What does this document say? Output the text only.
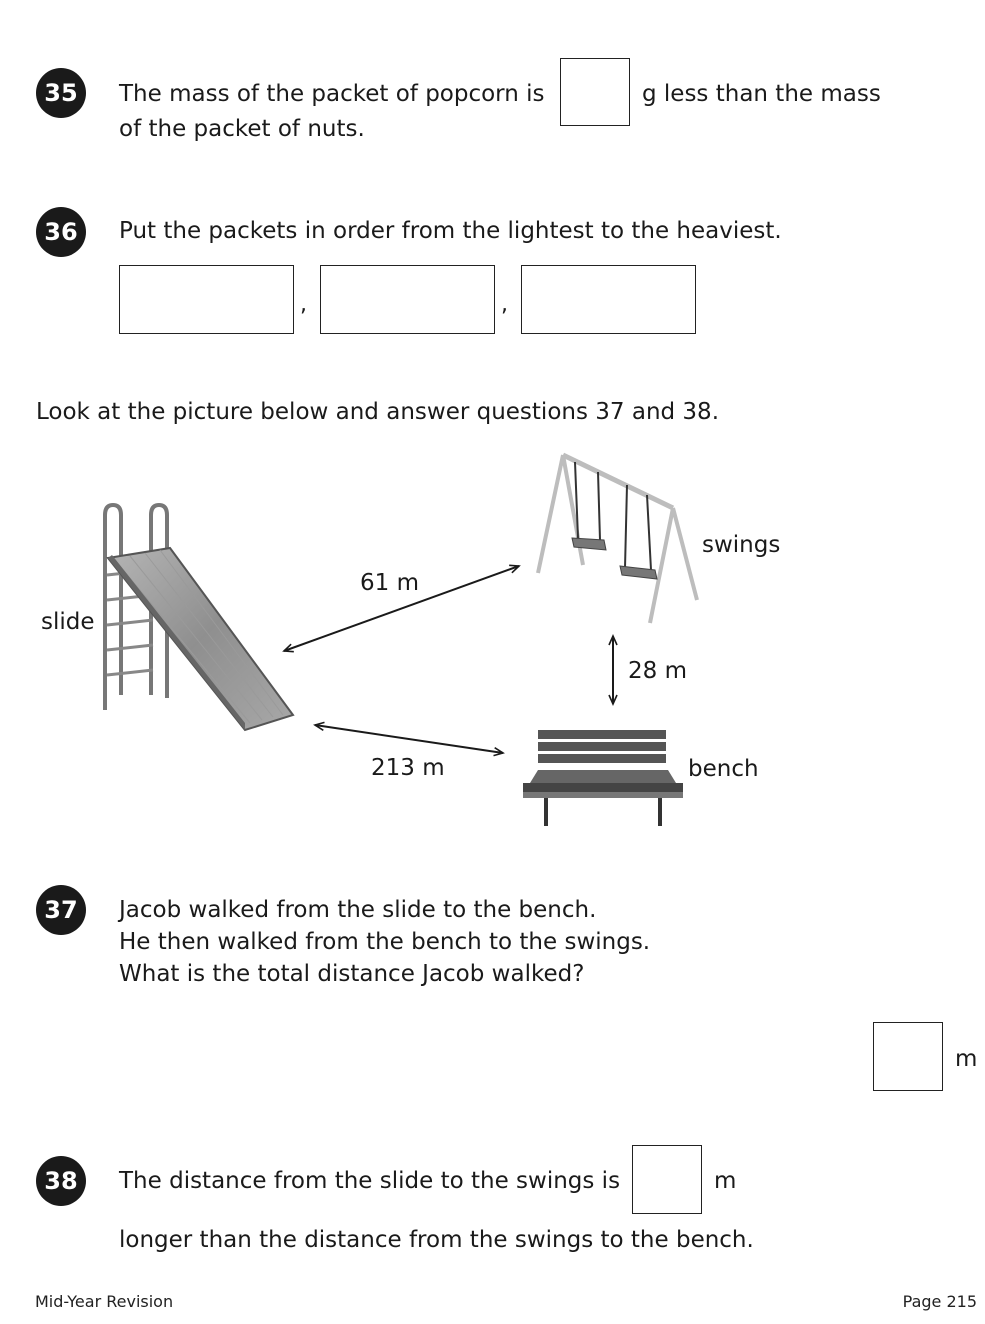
35	The mass of the packet of popcorn is	g less than the mass
of the packet of nuts.
36	Put the packets in order from the lightest to the heaviest.
,	,
Look at the picture below and answer questions 37 and 38.
slide
swings
bench
61 m
28 m
213 m
37	Jacob walked from the slide to the bench.
He then walked from the bench to the swings.
What is the total distance Jacob walked?
m
38	The distance from the slide to the swings is	m
longer than the distance from the swings to the bench.
Mid-Year Revision	Page 215
